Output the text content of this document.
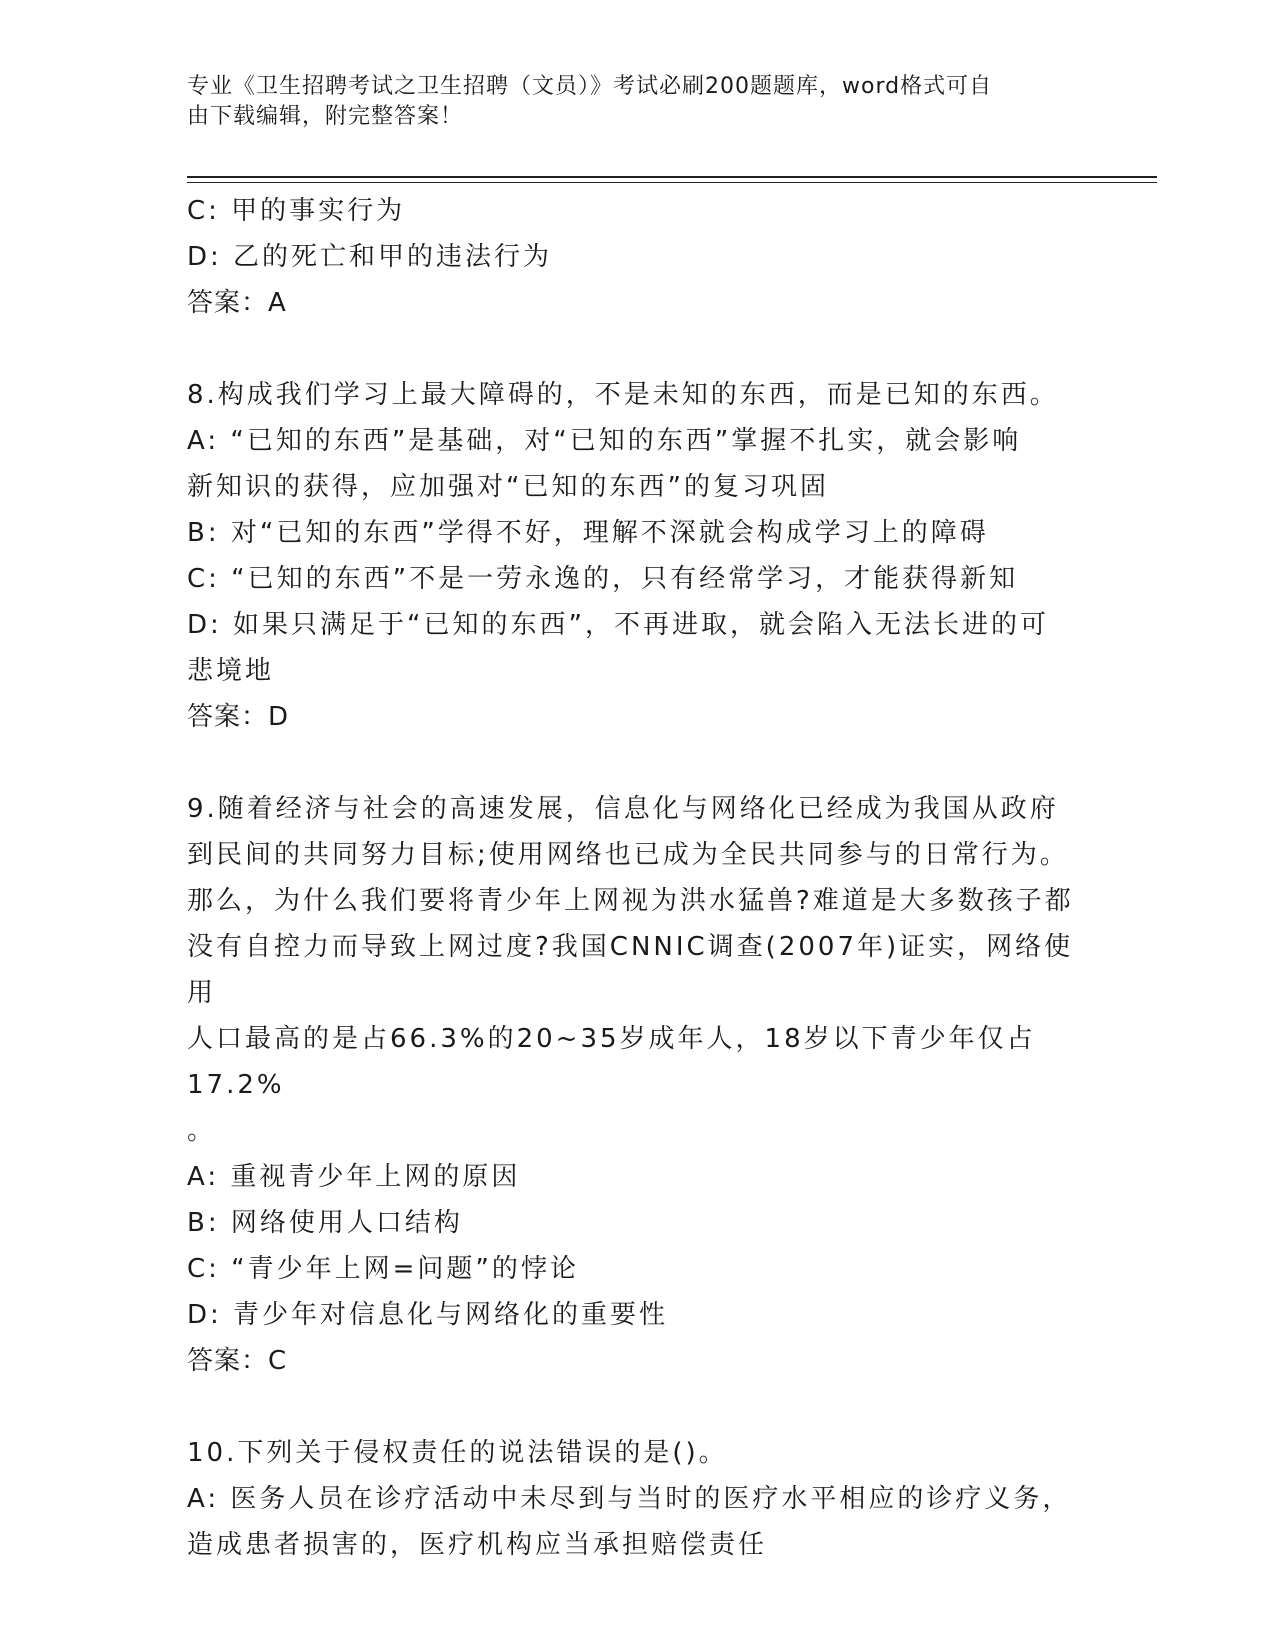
专业《卫生招聘考试之卫生招聘（文员）》考试必刷200题题库，word格式可自
由下载编辑，附完整答案！
C: 甲的事实行为
D: 乙的死亡和甲的违法行为
答案：A
8.构成我们学习上最大障碍的，不是未知的东西，而是已知的东西。
A: “已知的东西”是基础，对“已知的东西”掌握不扎实，就会影响
新知识的获得，应加强对“已知的东西”的复习巩固
B: 对“已知的东西”学得不好，理解不深就会构成学习上的障碍
C: “已知的东西”不是一劳永逸的，只有经常学习，才能获得新知
D: 如果只满足于“已知的东西”，不再进取，就会陷入无法长进的可
悲境地
答案：D
9.随着经济与社会的高速发展，信息化与网络化已经成为我国从政府
到民间的共同努力目标;使用网络也已成为全民共同参与的日常行为。
那么，为什么我们要将青少年上网视为洪水猛兽?难道是大多数孩子都
没有自控力而导致上网过度?我国CNNIC调查(2007年)证实，网络使用
人口最高的是占66.3%的20~35岁成年人，18岁以下青少年仅占17.2%
。
A: 重视青少年上网的原因
B: 网络使用人口结构
C: “青少年上网=问题”的悖论
D: 青少年对信息化与网络化的重要性
答案：C
10.下列关于侵权责任的说法错误的是()。
A: 医务人员在诊疗活动中未尽到与当时的医疗水平相应的诊疗义务，
造成患者损害的，医疗机构应当承担赔偿责任
